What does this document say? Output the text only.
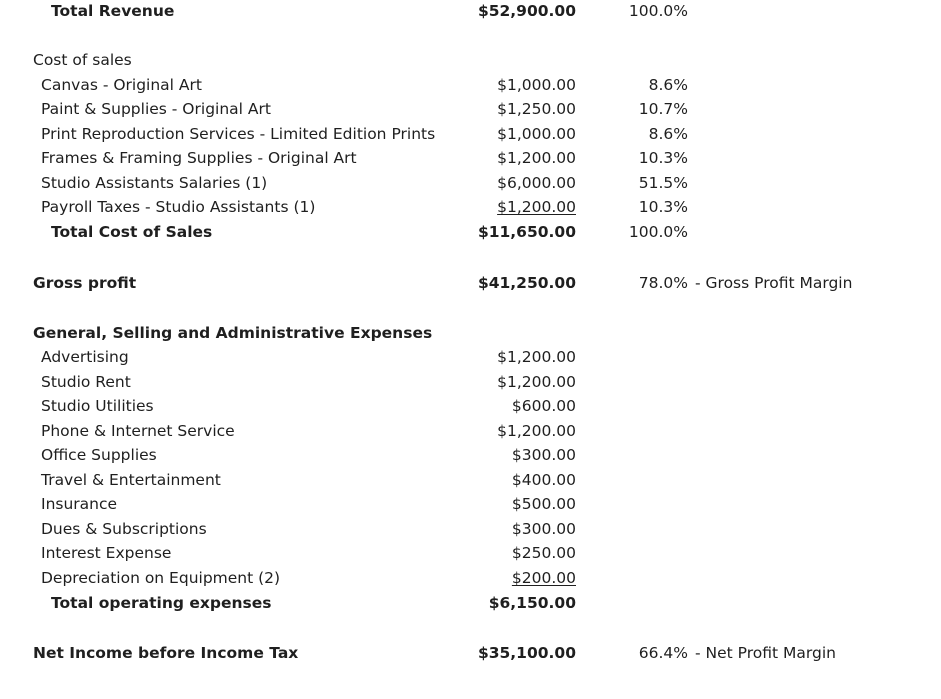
Total Revenue	$52,900.00	100.0%
Cost of sales
Canvas - Original Art	$1,000.00	8.6%
Paint & Supplies - Original Art	$1,250.00	10.7%
Print Reproduction Services - Limited Edition Prints	$1,000.00	8.6%
Frames & Framing Supplies - Original Art	$1,200.00	10.3%
Studio Assistants Salaries (1)	$6,000.00	51.5%
Payroll Taxes - Studio Assistants (1)	$1,200.00	10.3%
Total Cost of Sales	$11,650.00	100.0%
Gross profit	$41,250.00	78.0% - Gross Profit Margin
General, Selling and Administrative Expenses
Advertising	$1,200.00
Studio Rent	$1,200.00
Studio Utilities	$600.00
Phone & Internet Service	$1,200.00
Office Supplies	$300.00
Travel & Entertainment	$400.00
Insurance	$500.00
Dues & Subscriptions	$300.00
Interest Expense	$250.00
Depreciation on Equipment (2)	$200.00
Total operating expenses	$6,150.00
Net Income before Income Tax	$35,100.00	66.4% - Net Profit Margin
